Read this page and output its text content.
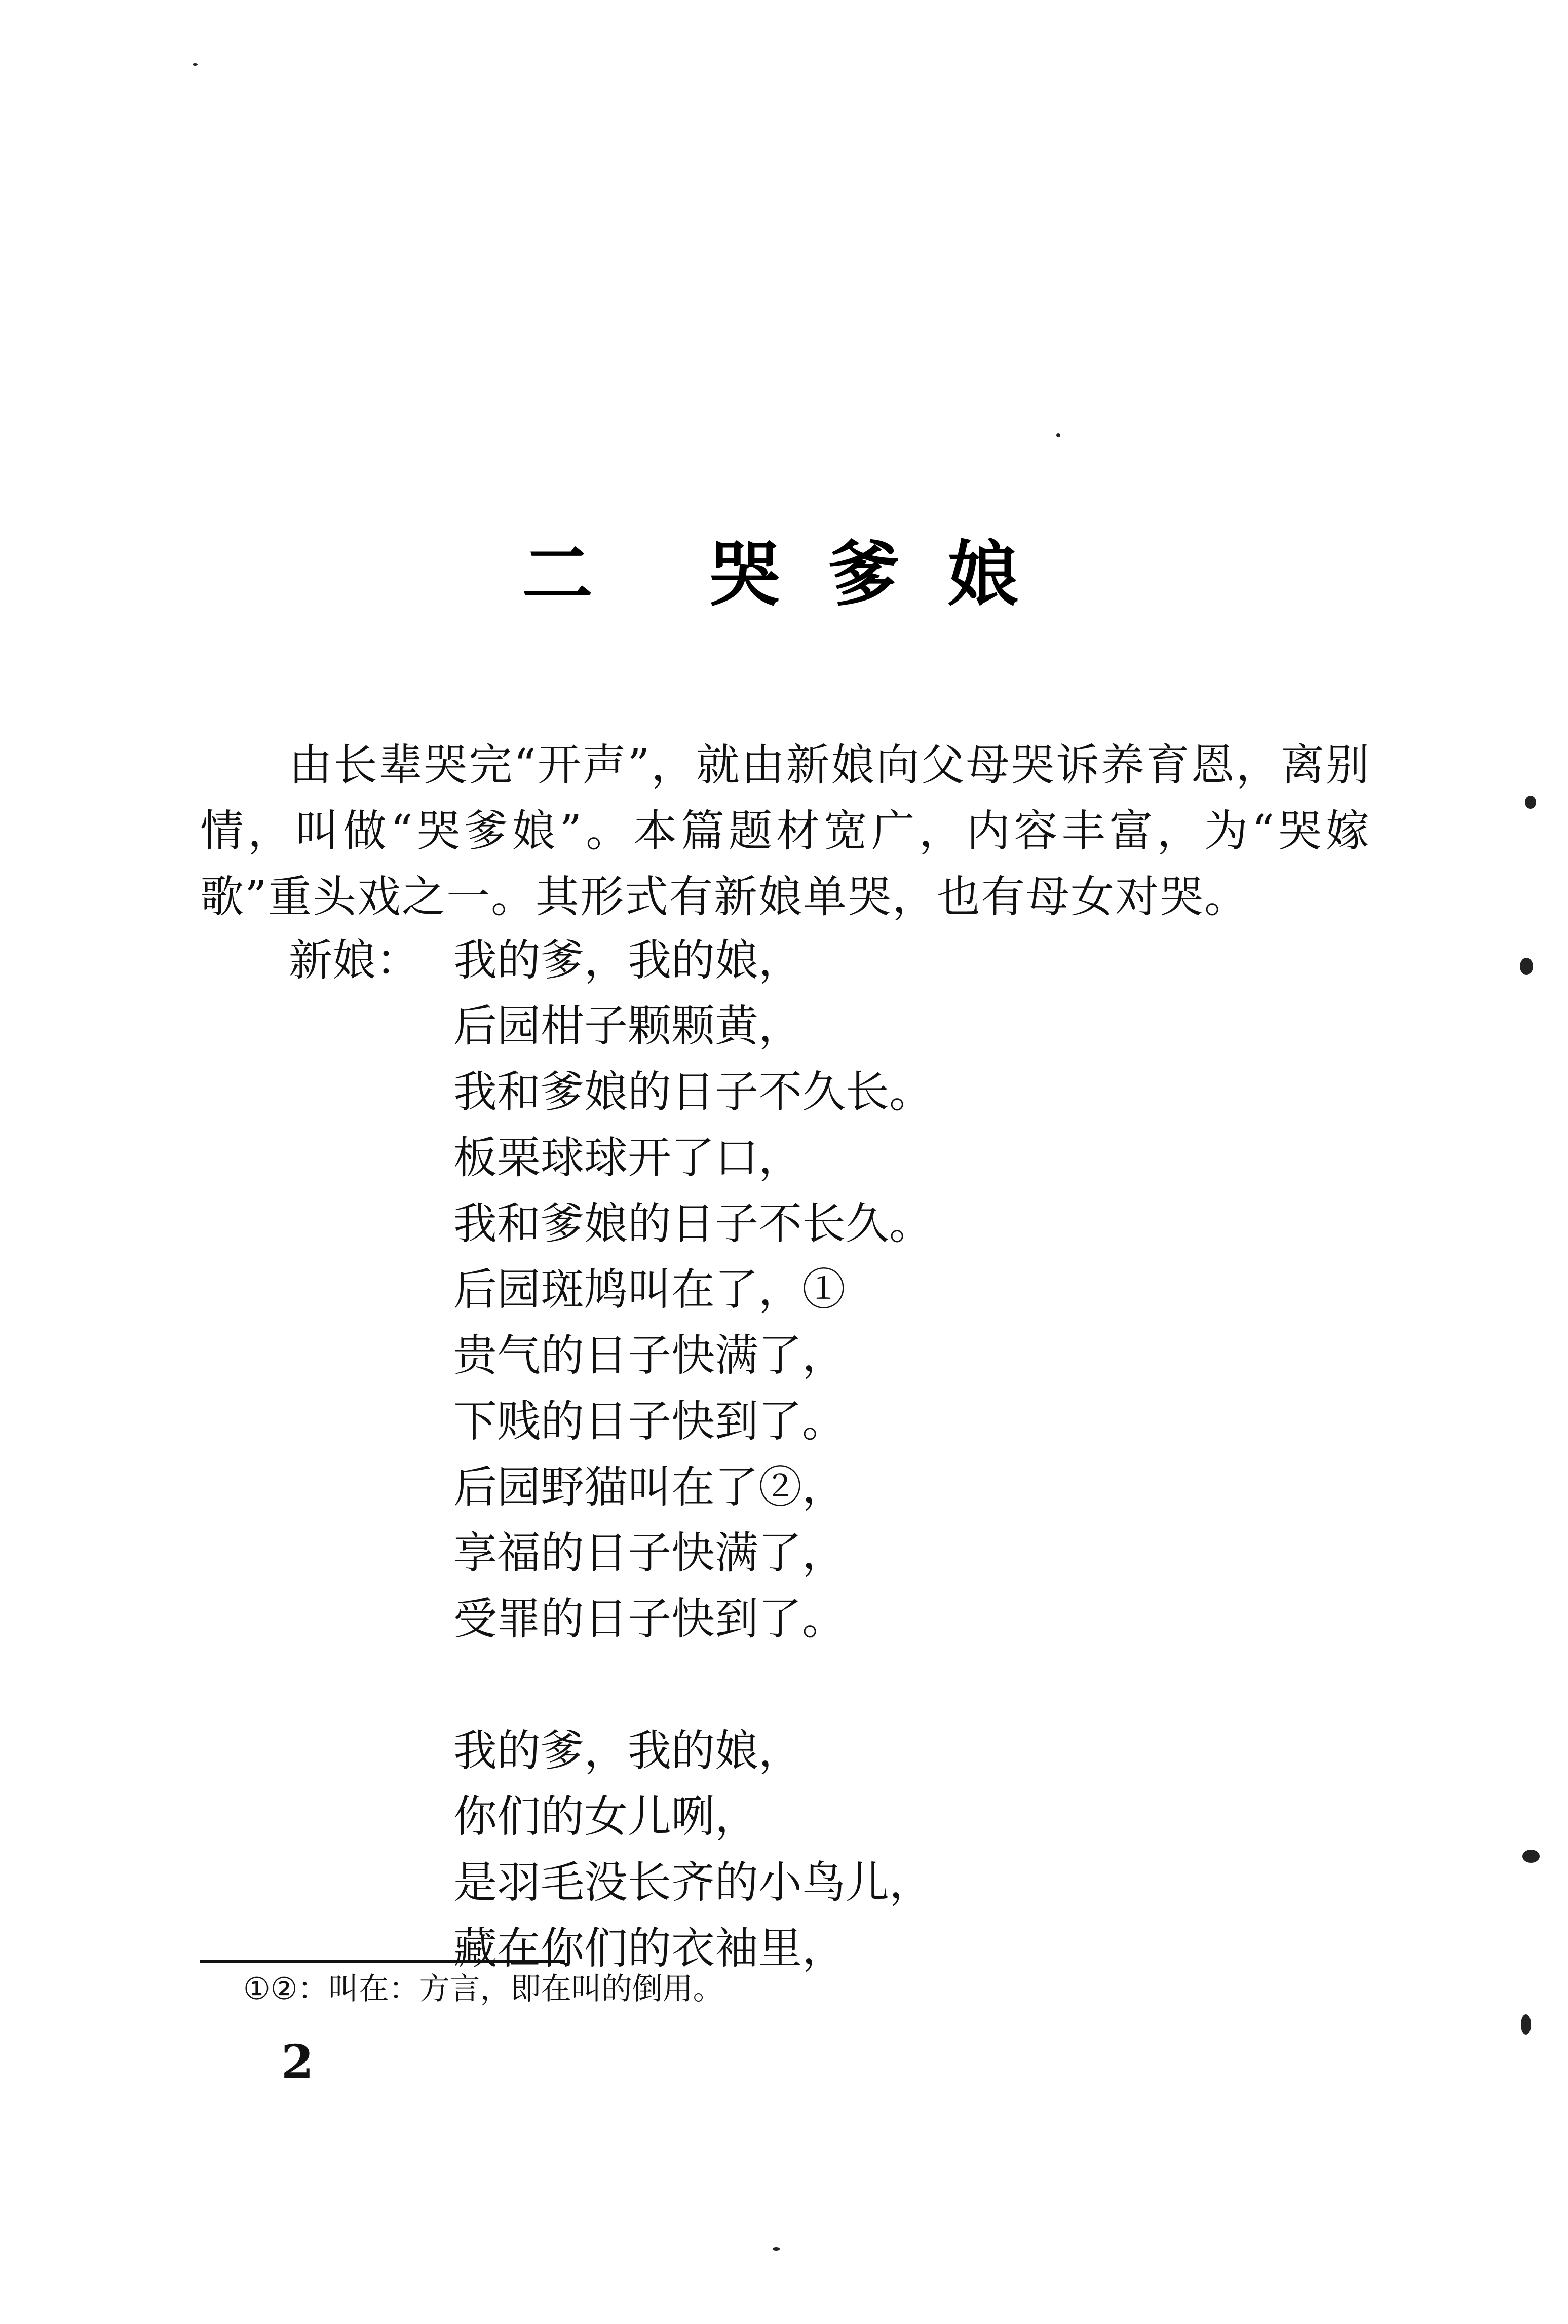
二 哭 爹 娘
由长辈哭完“开声”，就由新娘向父母哭诉养育恩，离别情，叫做“哭爹娘”。本篇题材宽广，内容丰富，为“哭嫁歌”重头戏之一。其形式有新娘单哭，也有母女对哭。
新娘： 我的爹，我的娘，
后园柑子颗颗黄，
我和爹娘的日子不久长。
板栗球球开了口，
我和爹娘的日子不长久。
后园斑鸠叫在了，①
贵气的日子快满了，
下贱的日子快到了。
后园野猫叫在了②，
享福的日子快满了，
受罪的日子快到了。
我的爹，我的娘，
你们的女儿咧，
是羽毛没长齐的小鸟儿，
藏在你们的衣袖里，
①②：叫在：方言，即在叫的倒用。
2
